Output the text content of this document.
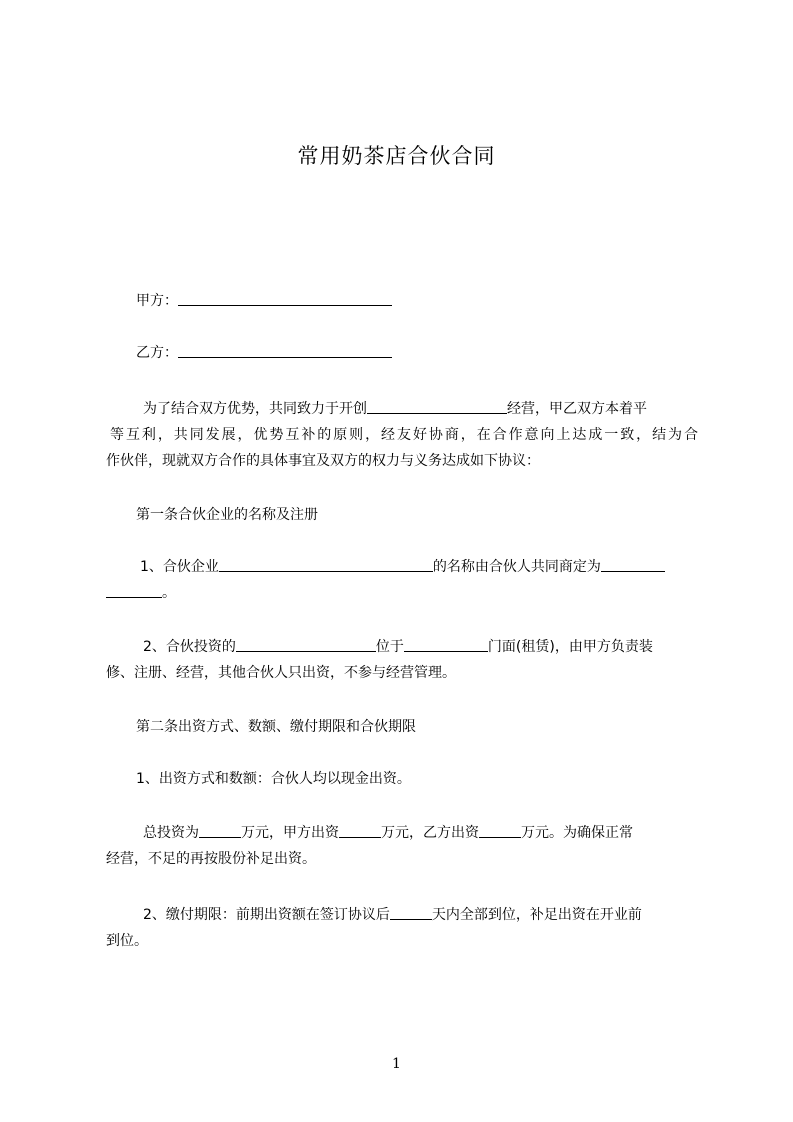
常用奶茶店合伙合同
甲方：
乙方：
为了结合双方优势，共同致力于开创	经营，甲乙双方本着平
等互利，共同发展，优势互补的原则，经友好协商，在合作意向上达成一致，结为合
作伙伴，现就双方合作的具体事宜及双方的权力与义务达成如下协议：
第一条合伙企业的名称及注册
1、合伙企业	的名称由合伙人共同商定为
。
2、合伙投资的	位于	门面(租赁)，由甲方负责装
修、注册、经营，其他合伙人只出资，不参与经营管理。
第二条出资方式、数额、缴付期限和合伙期限
1、出资方式和数额：合伙人均以现金出资。
总投资为	万元，甲方出资	万元，乙方出资	万元。为确保正常
经营，不足的再按股份补足出资。
2、缴付期限：前期出资额在签订协议后	天内全部到位，补足出资在开业前
到位。
1
